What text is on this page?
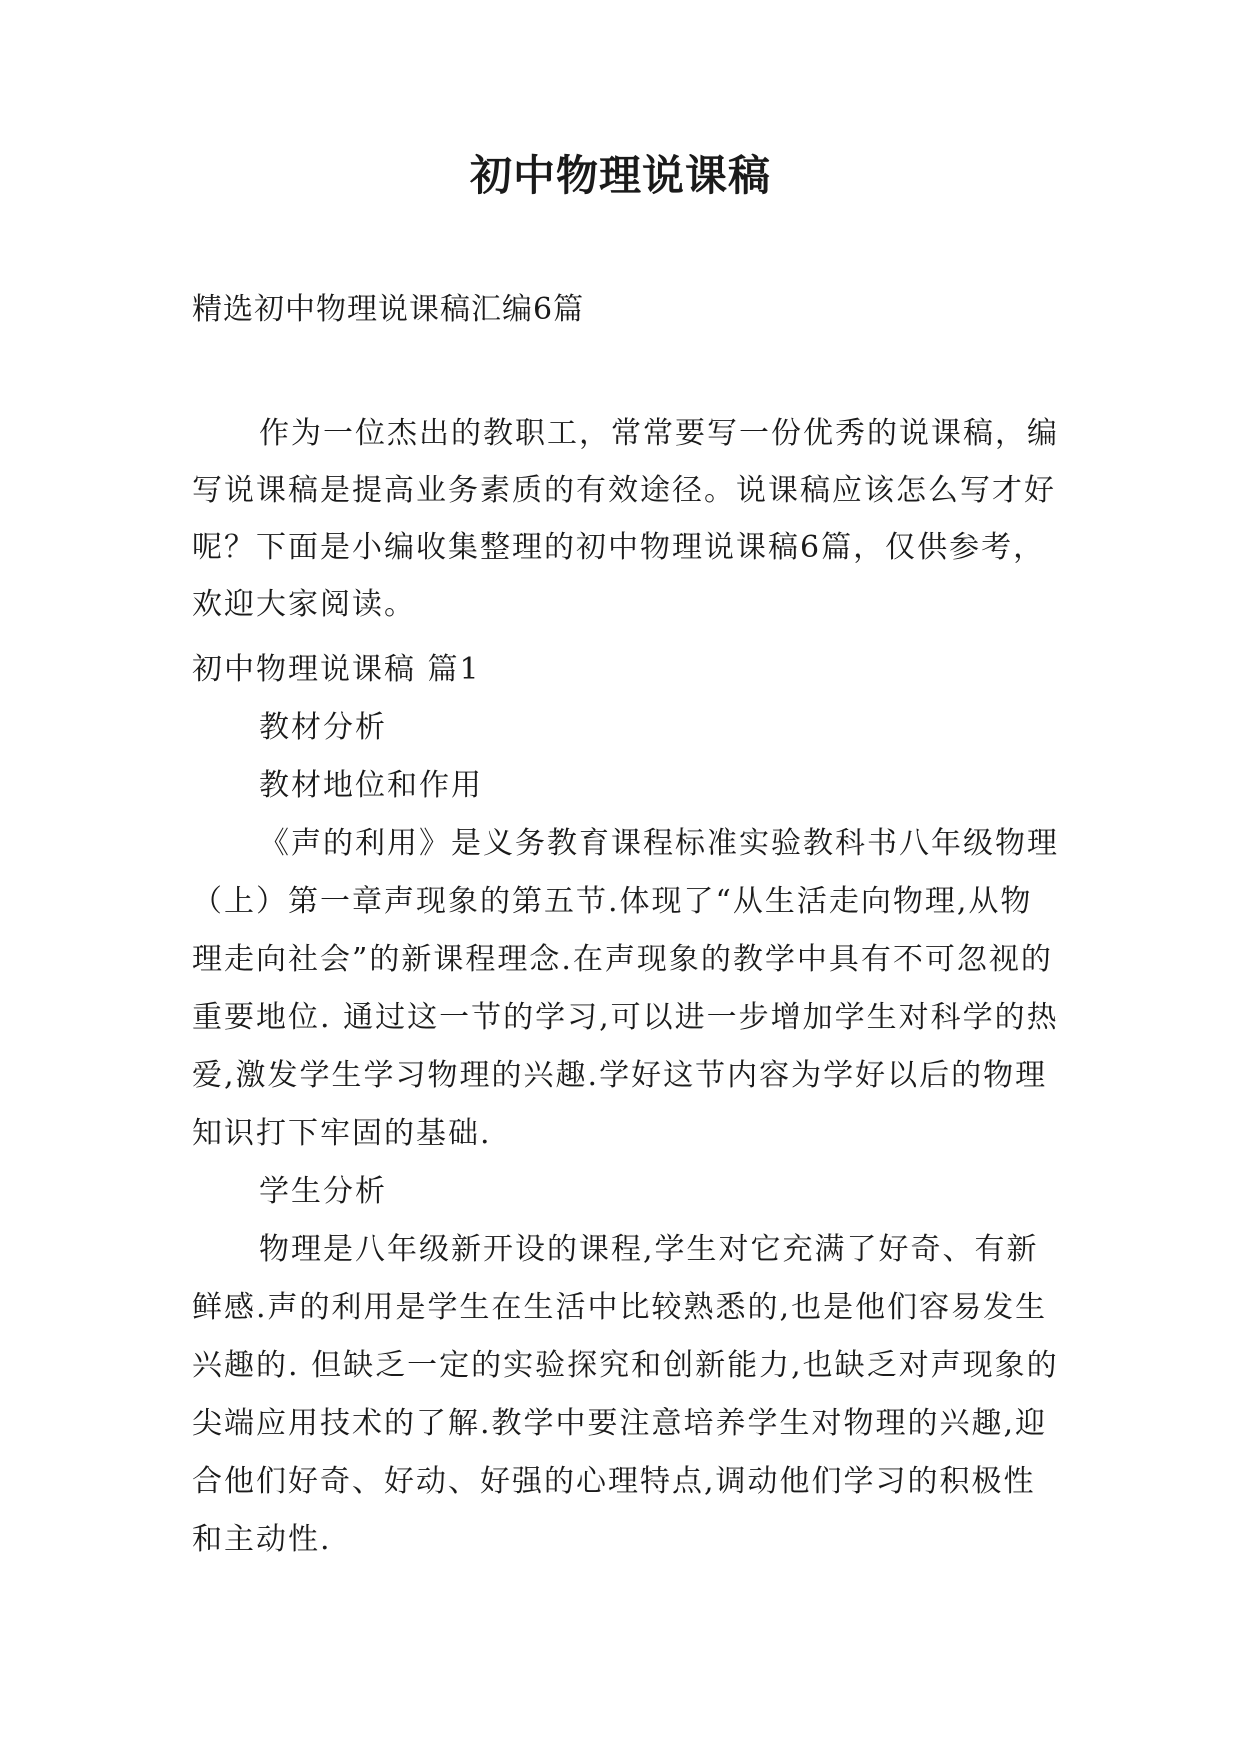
初中物理说课稿
精选初中物理说课稿汇编6篇

作为一位杰出的教职工，常常要写一份优秀的说课稿，编写说课稿是提高业务素质的有效途径。说课稿应该怎么写才好呢？下面是小编收集整理的初中物理说课稿6篇，仅供参考，欢迎大家阅读。

初中物理说课稿 篇1

教材分析

教材地位和作用

《声的利用》是义务教育课程标准实验教科书八年级物理（上）第一章声现象的第五节.体现了“从生活走向物理,从物理走向社会”的新课程理念.在声现象的教学中具有不可忽视的重要地位. 通过这一节的学习,可以进一步增加学生对科学的热爱,激发学生学习物理的兴趣.学好这节内容为学好以后的物理知识打下牢固的基础.

学生分析

物理是八年级新开设的课程,学生对它充满了好奇、有新鲜感.声的利用是学生在生活中比较熟悉的,也是他们容易发生兴趣的. 但缺乏一定的实验探究和创新能力,也缺乏对声现象的尖端应用技术的了解.教学中要注意培养学生对物理的兴趣,迎合他们好奇、好动、好强的心理特点,调动他们学习的积极性和主动性.
